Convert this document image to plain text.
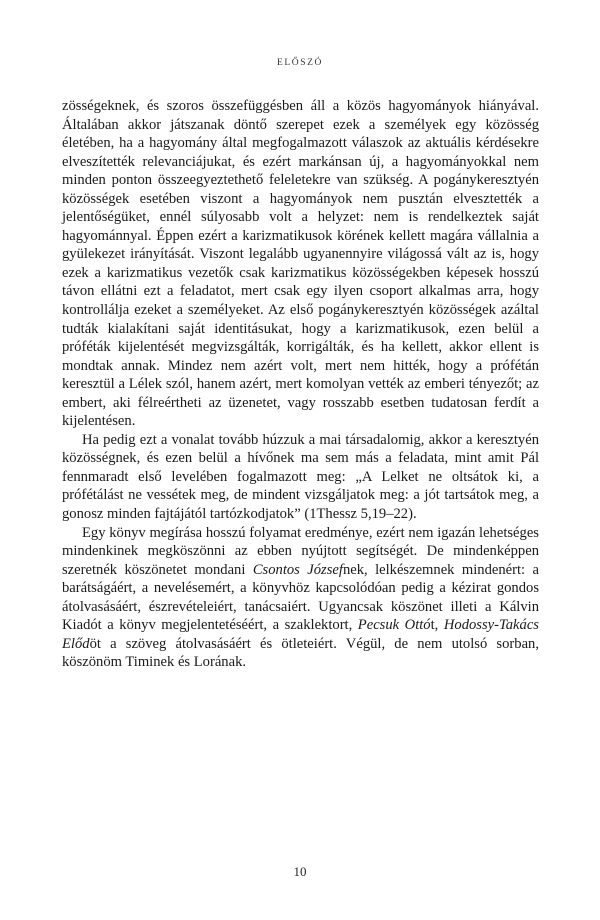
ELŐSZÓ

zösségeknek, és szoros összefüggésben áll a közös hagyományok hiányával. Általában akkor játszanak döntő szerepet ezek a személyek egy közösség életében, ha a hagyomány által megfogalmazott válaszok az aktuális kérdésekre elveszítették relevanciájukat, és ezért markánsan új, a hagyományokkal nem minden ponton összeegyeztethető feleletekre van szükség. A pogánykeresztyén közösségek esetében viszont a hagyományok nem pusztán elvesztették a jelentőségüket, ennél súlyosabb volt a helyzet: nem is rendelkeztek saját hagyománnyal. Éppen ezért a karizmatikusok körének kellett magára vállalnia a gyülekezet irányítását. Viszont legalább ugyanennyire világossá vált az is, hogy ezek a karizmatikus vezetők csak karizmatikus közösségekben képesek hosszú távon ellátni ezt a feladatot, mert csak egy ilyen csoport alkalmas arra, hogy kontrollálja ezeket a személyeket. Az első pogánykeresztyén közösségek azáltal tudták kialakítani saját identitásukat, hogy a karizmatikusok, ezen belül a próféták kijelentését megvizsgálták, korrigálták, és ha kellett, akkor ellent is mondtak annak. Mindez nem azért volt, mert nem hitték, hogy a prófétán keresztül a Lélek szól, hanem azért, mert komolyan vették az emberi tényezőt; az embert, aki félreértheti az üzenetet, vagy rosszabb esetben tudatosan ferdít a kijelentésen.

Ha pedig ezt a vonalat tovább húzzuk a mai társadalomig, akkor a keresztyén közösségnek, és ezen belül a hívőnek ma sem más a feladata, mint amit Pál fennmaradt első levelében fogalmazott meg: „A Lelket ne oltsátok ki, a prófétálást ne vessétek meg, de mindent vizsgáljatok meg: a jót tartsátok meg, a gonosz minden fajtájától tartózkodjatok” (1Thessz 5,19–22).

Egy könyv megírása hosszú folyamat eredménye, ezért nem igazán lehetséges mindenkinek megköszönni az ebben nyújtott segítségét. De mindenképpen szeretnék köszönetet mondani Csontos Józsefnek, lelkészemnek mindenért: a barátságáért, a nevelésemért, a könyvhöz kapcsolódóan pedig a kézirat gondos átolvasásáért, észrevételeiért, tanácsaiért. Ugyancsak köszönet illeti a Kálvin Kiadót a könyv megjelentetéséért, a szaklektort, Pecsuk Ottót, Hodossy-Takács Elődöt a szöveg átolvasásáért és ötleteiért. Végül, de nem utolsó sorban, köszönöm Timinek és Lorának.

10
